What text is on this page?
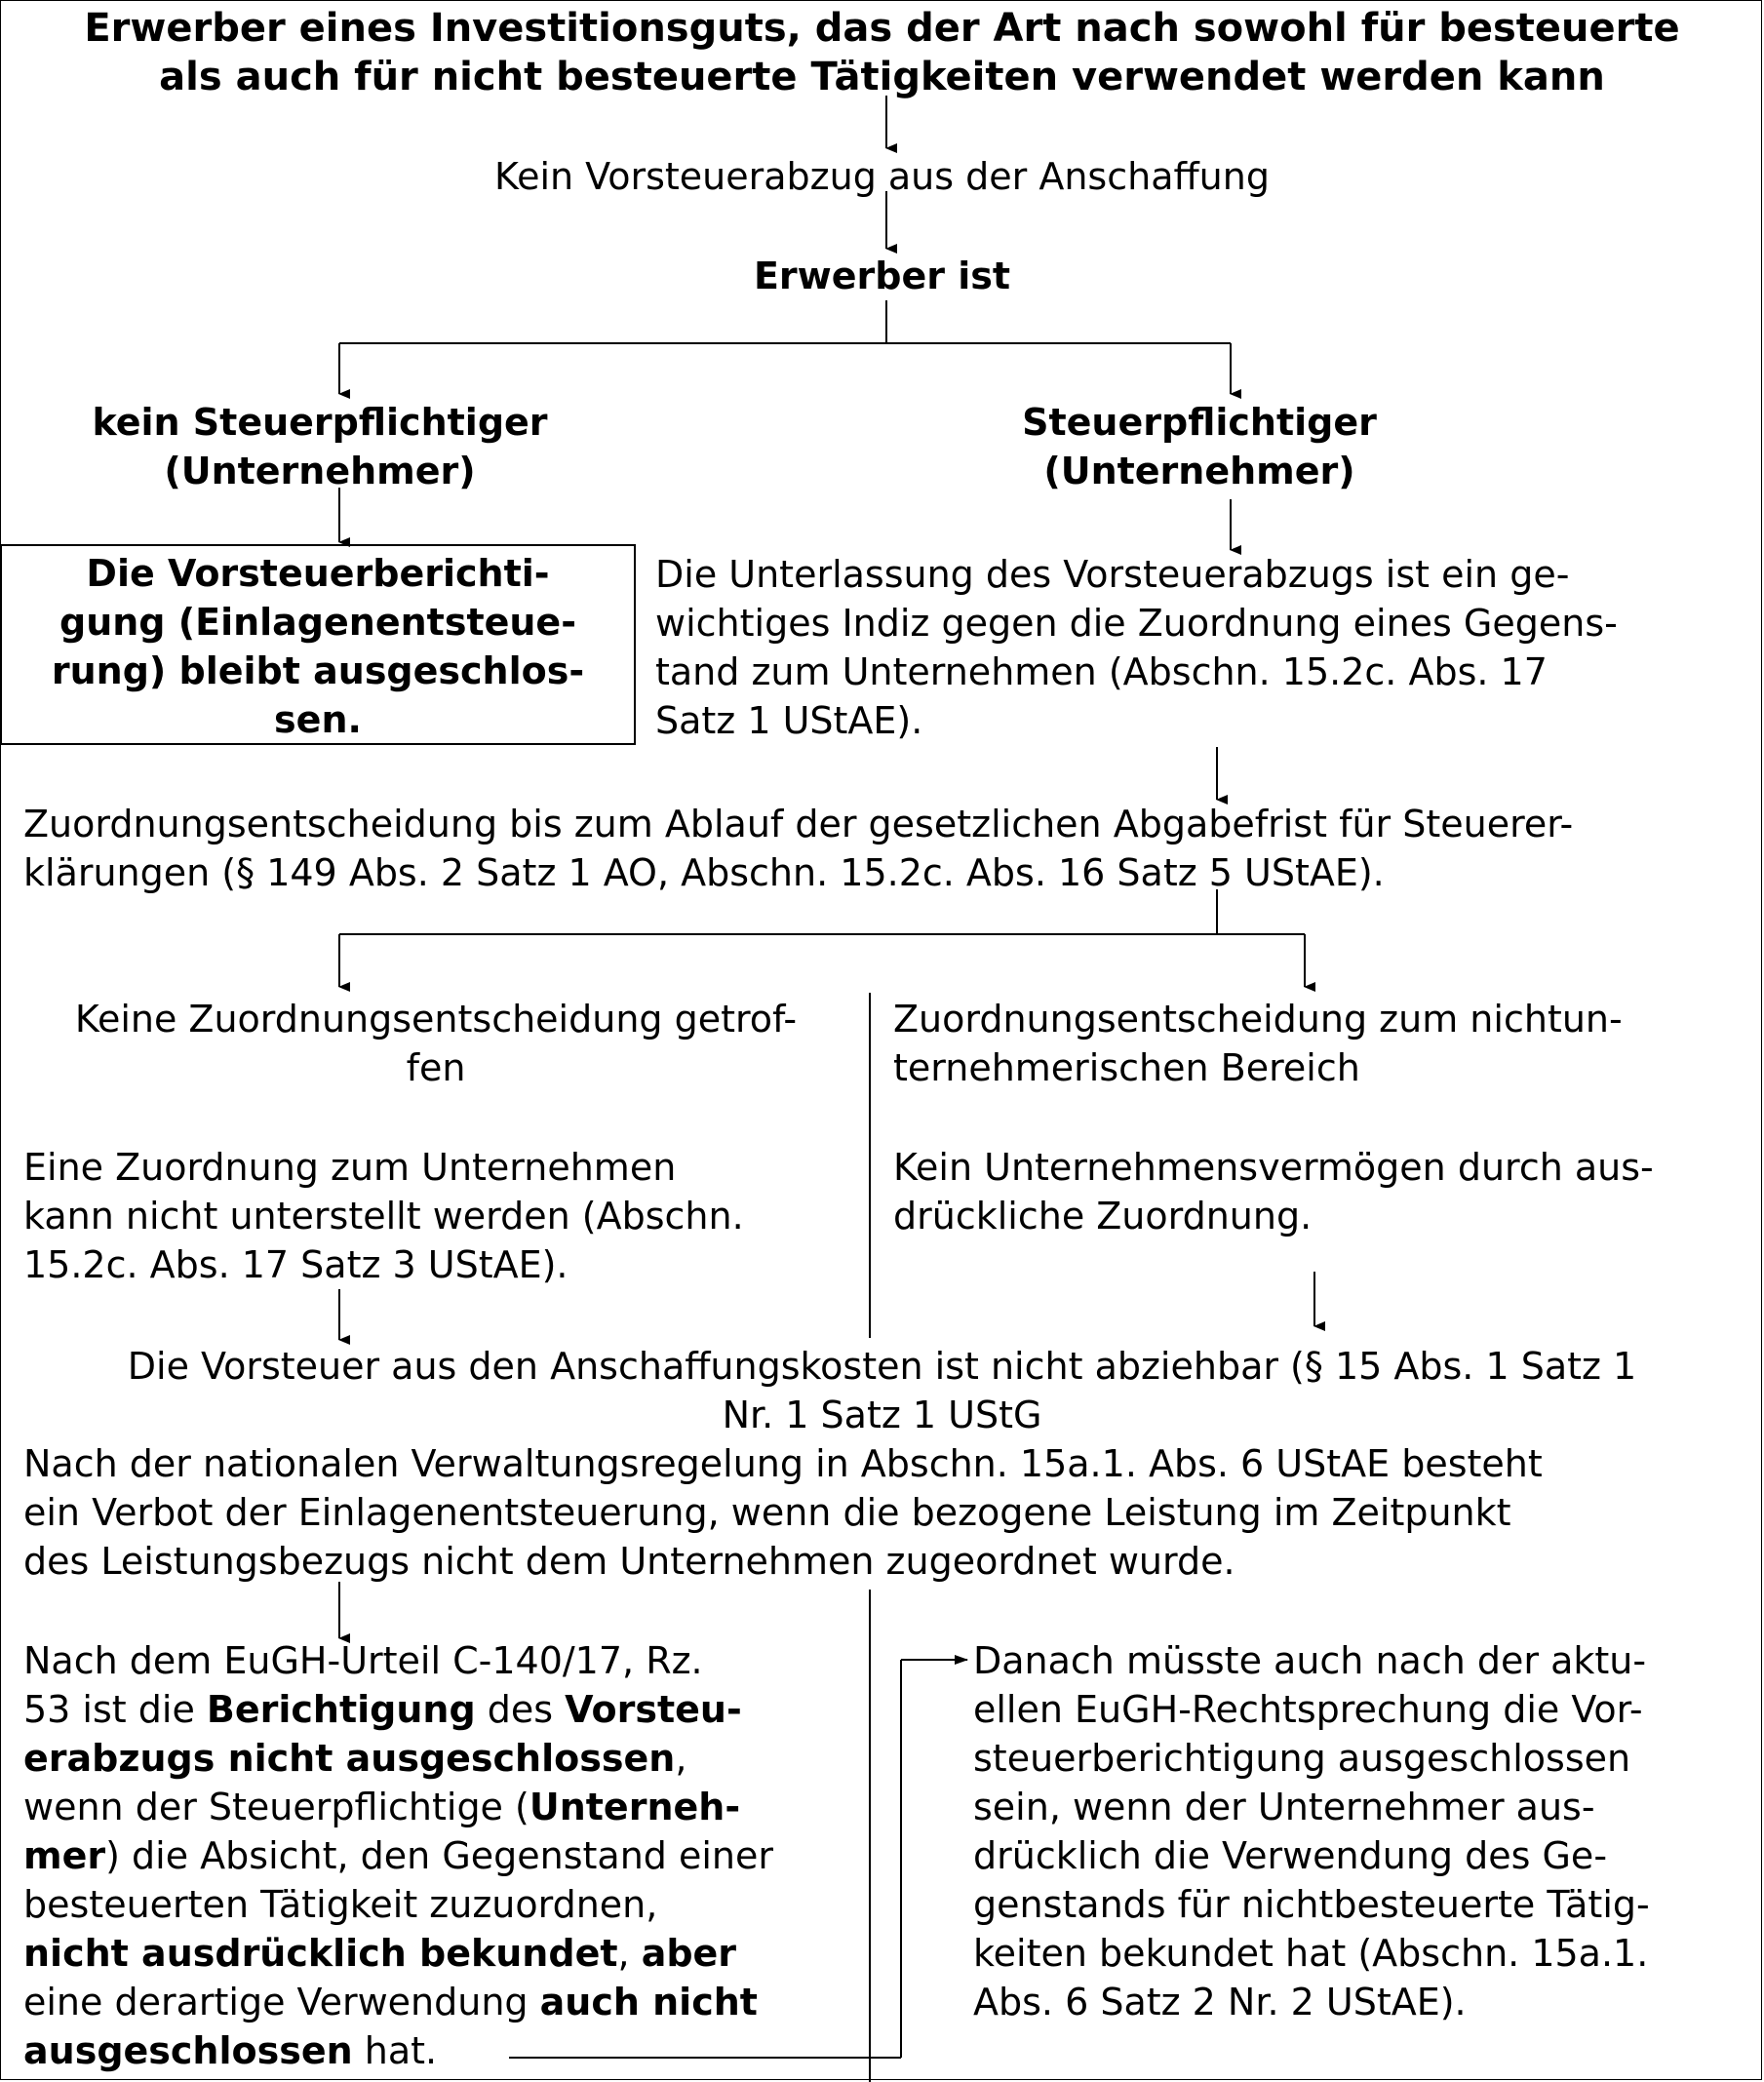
Erwerber eines Investitionsguts, das der Art nach sowohl für besteuerte
als auch für nicht besteuerte Tätigkeiten verwendet werden kann
Kein Vorsteuerabzug aus der Anschaffung
Erwerber ist
kein Steuerpflichtiger
(Unternehmer)
Steuerpflichtiger
(Unternehmer)
Die Vorsteuerberichti-
gung (Einlagenentsteue-
rung) bleibt ausgeschlos-
sen.
Die Unterlassung des Vorsteuerabzugs ist ein ge-
wichtiges Indiz gegen die Zuordnung eines Gegens-
tand zum Unternehmen (Abschn. 15.2c. Abs. 17
Satz 1 UStAE).
Zuordnungsentscheidung bis zum Ablauf der gesetzlichen Abgabefrist für Steuerer-
klärungen (§ 149 Abs. 2 Satz 1 AO, Abschn. 15.2c. Abs. 16 Satz 5 UStAE).
Keine Zuordnungsentscheidung getrof-
fen
Eine Zuordnung zum Unternehmen
kann nicht unterstellt werden (Abschn.
15.2c. Abs. 17 Satz 3 UStAE).
Zuordnungsentscheidung zum nichtun-
ternehmerischen Bereich
Kein Unternehmensvermögen durch aus-
drückliche Zuordnung.
Die Vorsteuer aus den Anschaffungskosten ist nicht abziehbar (§ 15 Abs. 1 Satz 1
Nr. 1 Satz 1 UStG
Nach der nationalen Verwaltungsregelung in Abschn. 15a.1. Abs. 6 UStAE besteht
ein Verbot der Einlagenentsteuerung, wenn die bezogene Leistung im Zeitpunkt
des Leistungsbezugs nicht dem Unternehmen zugeordnet wurde.
Nach dem EuGH-Urteil C-140/17, Rz.
53 ist die Berichtigung des Vorsteu-
erabzugs nicht ausgeschlossen,
wenn der Steuerpflichtige (Unterneh-
mer) die Absicht, den Gegenstand einer
besteuerten Tätigkeit zuzuordnen,
nicht ausdrücklich bekundet, aber
eine derartige Verwendung auch nicht
ausgeschlossen hat.
Danach müsste auch nach der aktu-
ellen EuGH-Rechtsprechung die Vor-
steuerberichtigung ausgeschlossen
sein, wenn der Unternehmer aus-
drücklich die Verwendung des Ge-
genstands für nichtbesteuerte Tätig-
keiten bekundet hat (Abschn. 15a.1.
Abs. 6 Satz 2 Nr. 2 UStAE).
